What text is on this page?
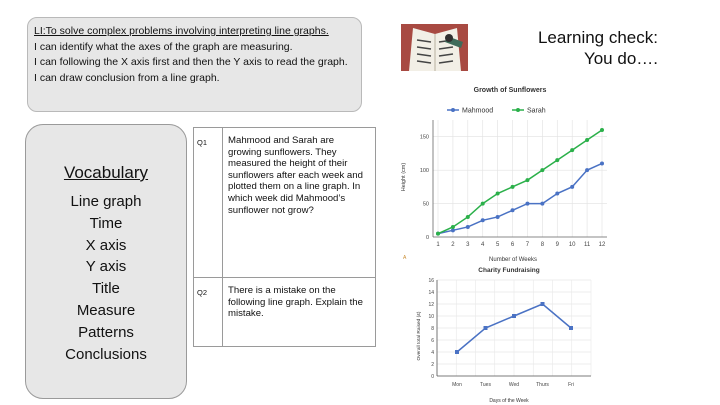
LI:To solve complex problems involving interpreting line graphs.
I can identify what the axes of the graph are measuring.
I can following the X axis first and then the Y axis to read the graph.
I can draw conclusion from a line graph.
Vocabulary
Line graph
Time
X axis
Y axis
Title
Measure
Patterns
Conclusions
Q1	Mahmood and Sarah are growing sunflowers. They measured the height of their sunflowers after each week and plotted them on a line graph. In which week did Mahmood’s sunflower not grow?
Q2	There is a mistake on the following line graph. Explain the mistake.
Learning check:
You do….
Growth of Sunflowers
Mahmood	Sarah
Height (cm)
Number of Weeks
0
50
100
150
1 2 3 4 5 6 7 8 9 10 11 12
Charity Fundraising
Overall total Raised (£)
Days of the Week
0
2
4
6
8
10
12
14
16
Mon	Tues	Wed	Thurs	Fri
A
